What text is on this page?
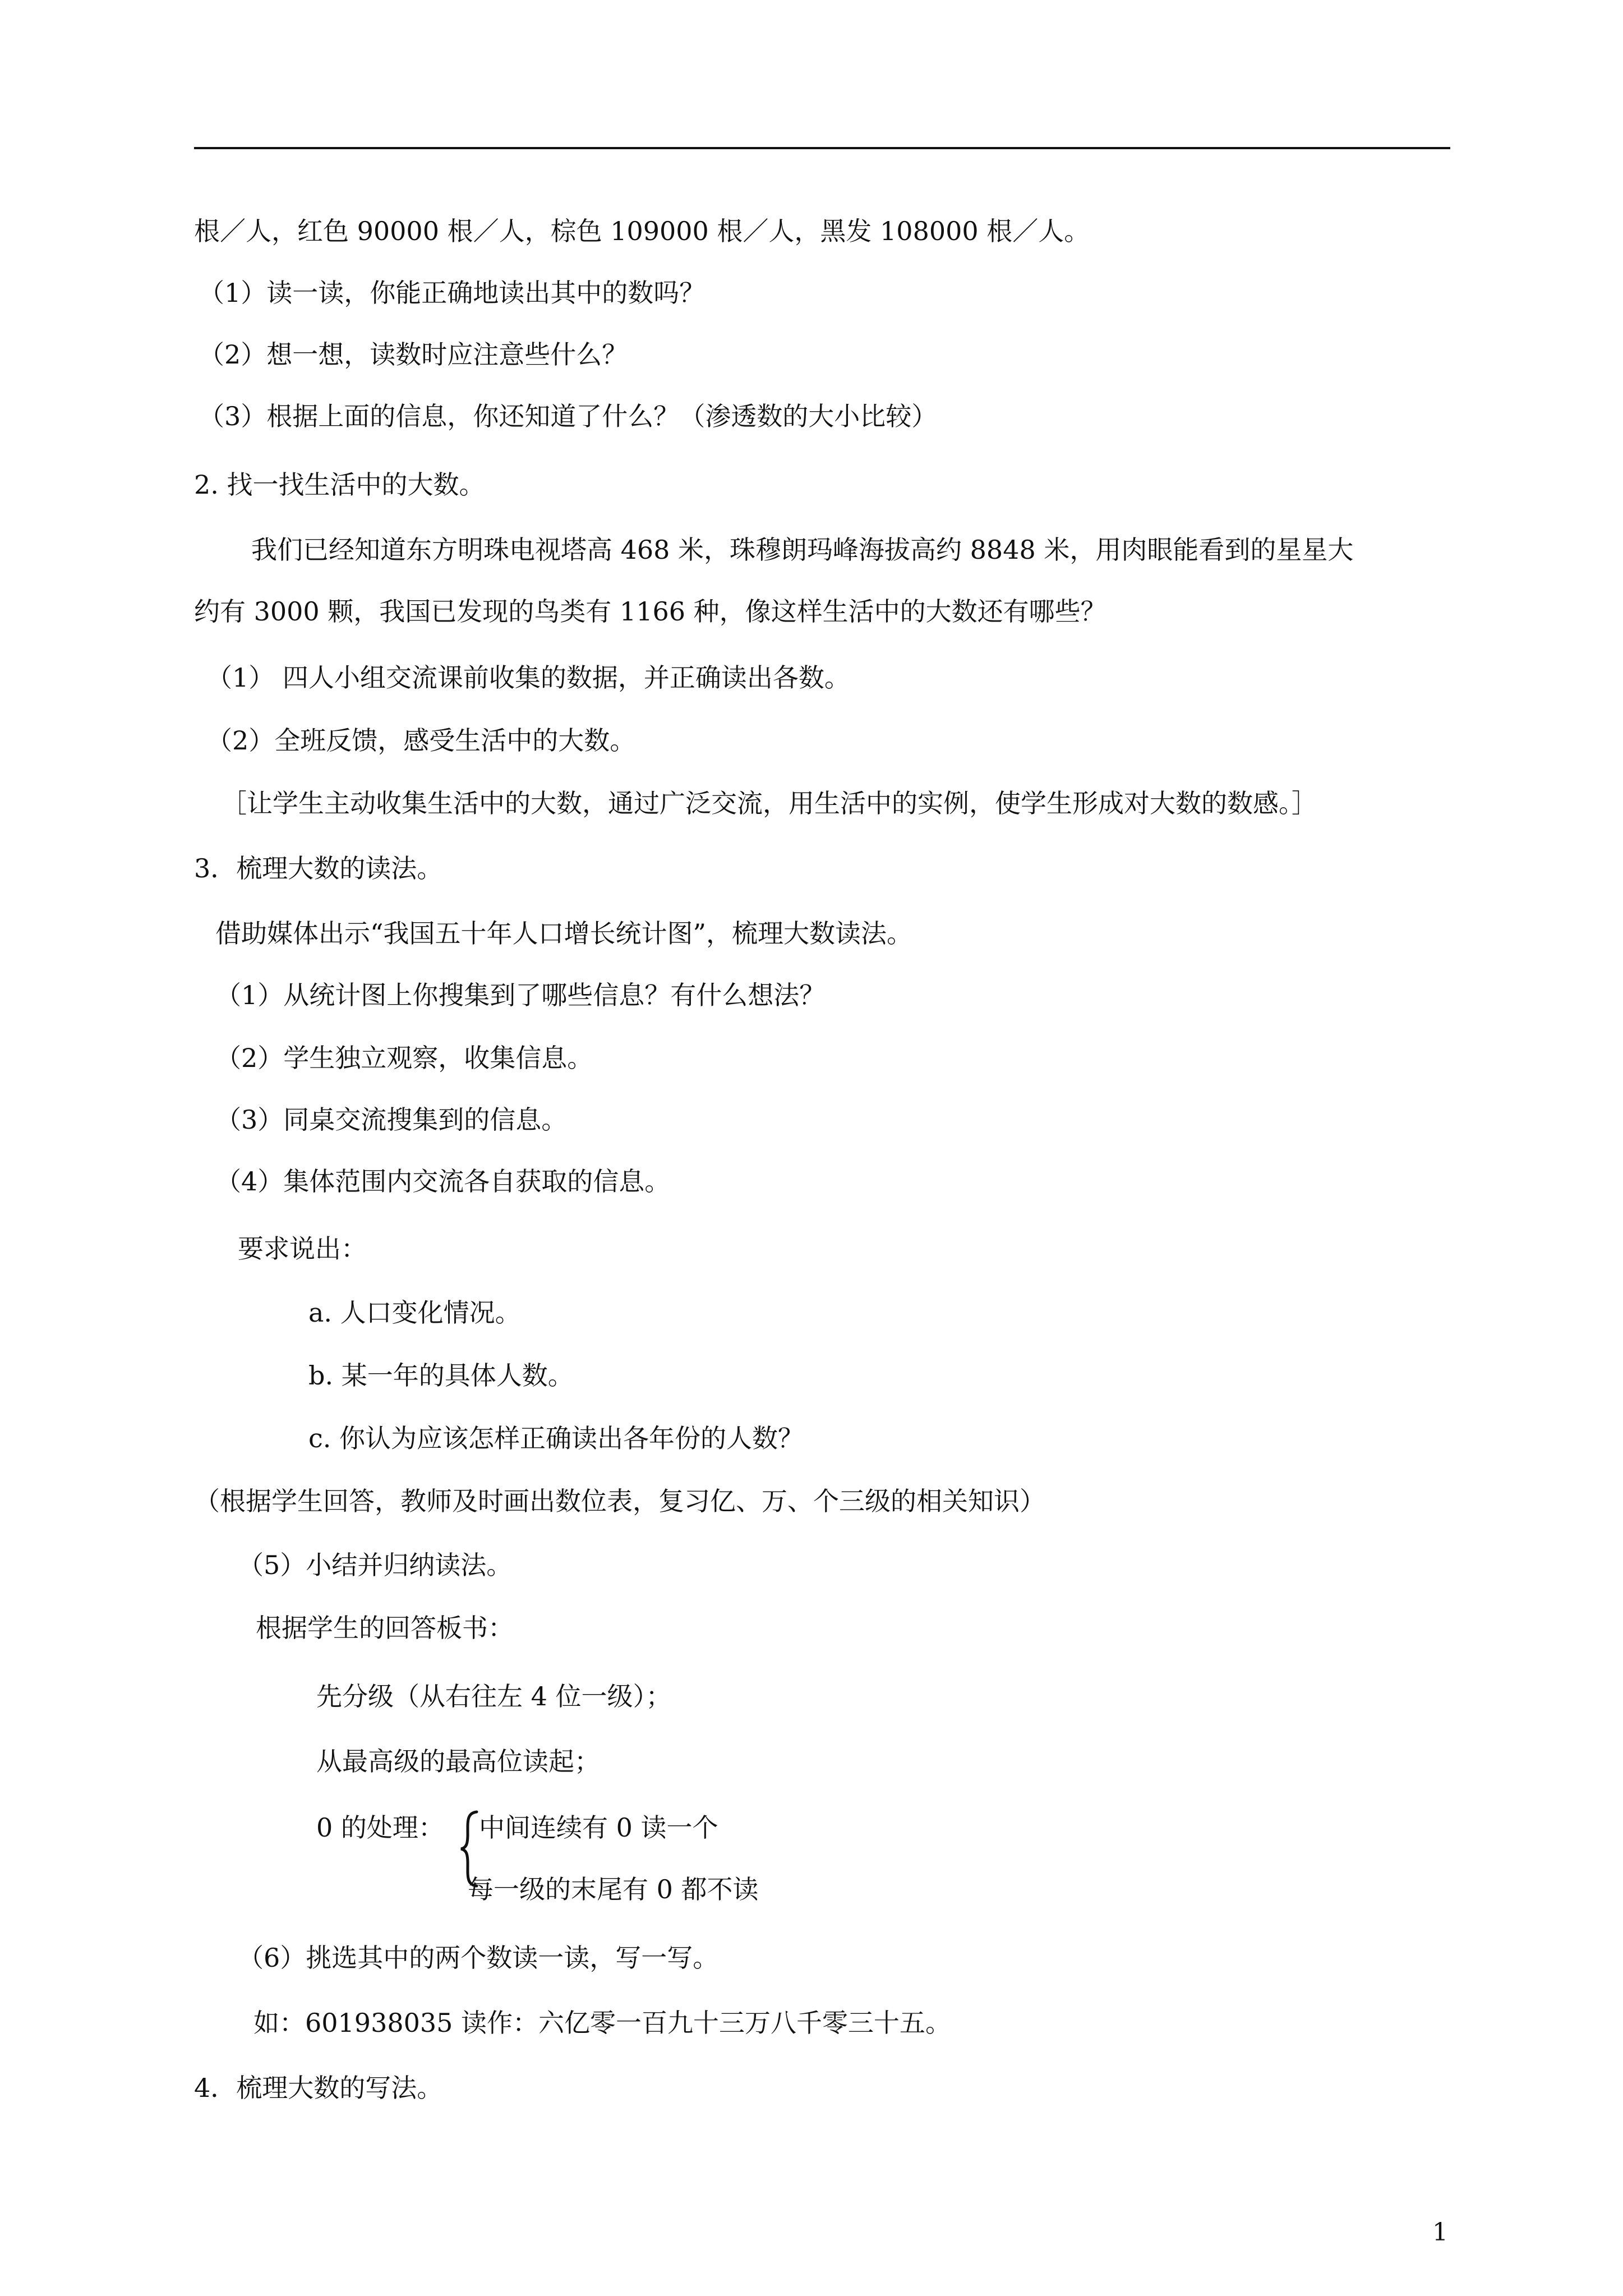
根／人，红色 90000 根／人，棕色 109000 根／人，黑发 108000 根／人。
（1）读一读，你能正确地读出其中的数吗？
（2）想一想，读数时应注意些什么？
（3）根据上面的信息，你还知道了什么？（渗透数的大小比较）
2. 找一找生活中的大数。
我们已经知道东方明珠电视塔高 468 米，珠穆朗玛峰海拔高约 8848 米，用肉眼能看到的星星大
约有 3000 颗，我国已发现的鸟类有 1166 种，像这样生活中的大数还有哪些？
（1） 四人小组交流课前收集的数据，并正确读出各数。
（2）全班反馈，感受生活中的大数。
［让学生主动收集生活中的大数，通过广泛交流，用生活中的实例，使学生形成对大数的数感。］
3．梳理大数的读法。
借助媒体出示“我国五十年人口增长统计图”，梳理大数读法。
（1）从统计图上你搜集到了哪些信息？有什么想法？
（2）学生独立观察，收集信息。
（3）同桌交流搜集到的信息。
（4）集体范围内交流各自获取的信息。
要求说出：
a. 人口变化情况。
b. 某一年的具体人数。
c. 你认为应该怎样正确读出各年份的人数？
（根据学生回答，教师及时画出数位表，复习亿、万、个三级的相关知识）
（5）小结并归纳读法。
根据学生的回答板书：
先分级（从右往左 4 位一级）；
从最高级的最高位读起；
0 的处理： 中间连续有 0 读一个
每一级的末尾有 0 都不读
（6）挑选其中的两个数读一读，写一写。
如：601938035 读作：六亿零一百九十三万八千零三十五。
4．梳理大数的写法。
1
